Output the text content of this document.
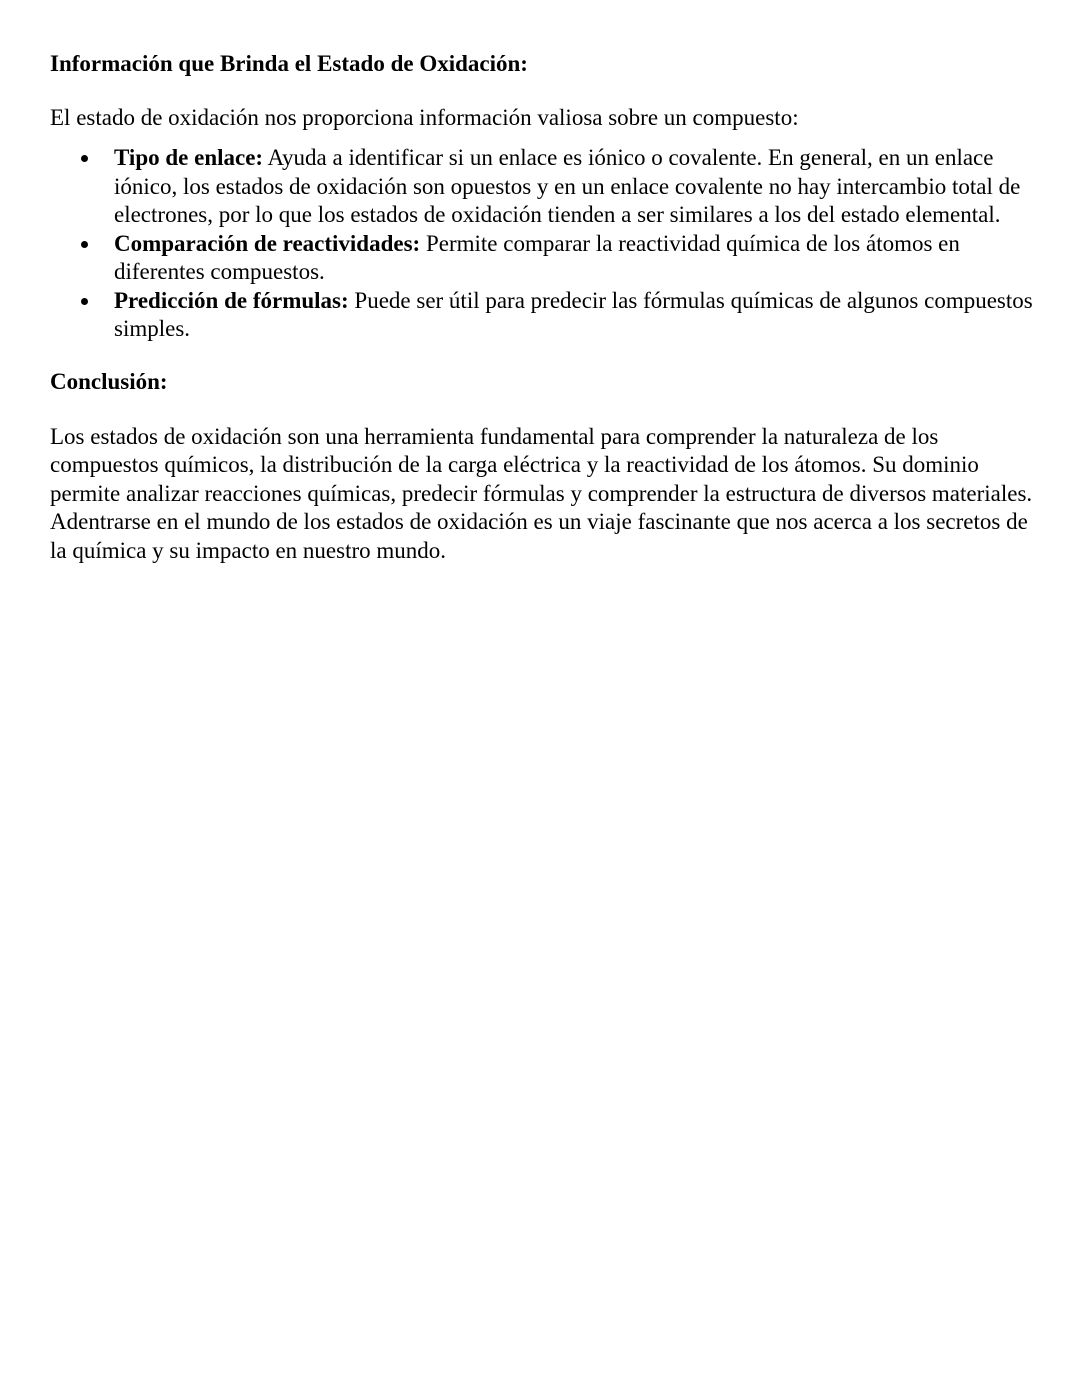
Información que Brinda el Estado de Oxidación:

El estado de oxidación nos proporciona información valiosa sobre un compuesto:

Tipo de enlace: Ayuda a identificar si un enlace es iónico o covalente. En general, en un enlace iónico, los estados de oxidación son opuestos y en un enlace covalente no hay intercambio total de electrones, por lo que los estados de oxidación tienden a ser similares a los del estado elemental.
Comparación de reactividades: Permite comparar la reactividad química de los átomos en diferentes compuestos.
Predicción de fórmulas: Puede ser útil para predecir las fórmulas químicas de algunos compuestos simples.

Conclusión:

Los estados de oxidación son una herramienta fundamental para comprender la naturaleza de los compuestos químicos, la distribución de la carga eléctrica y la reactividad de los átomos. Su dominio permite analizar reacciones químicas, predecir fórmulas y comprender la estructura de diversos materiales. Adentrarse en el mundo de los estados de oxidación es un viaje fascinante que nos acerca a los secretos de la química y su impacto en nuestro mundo.
